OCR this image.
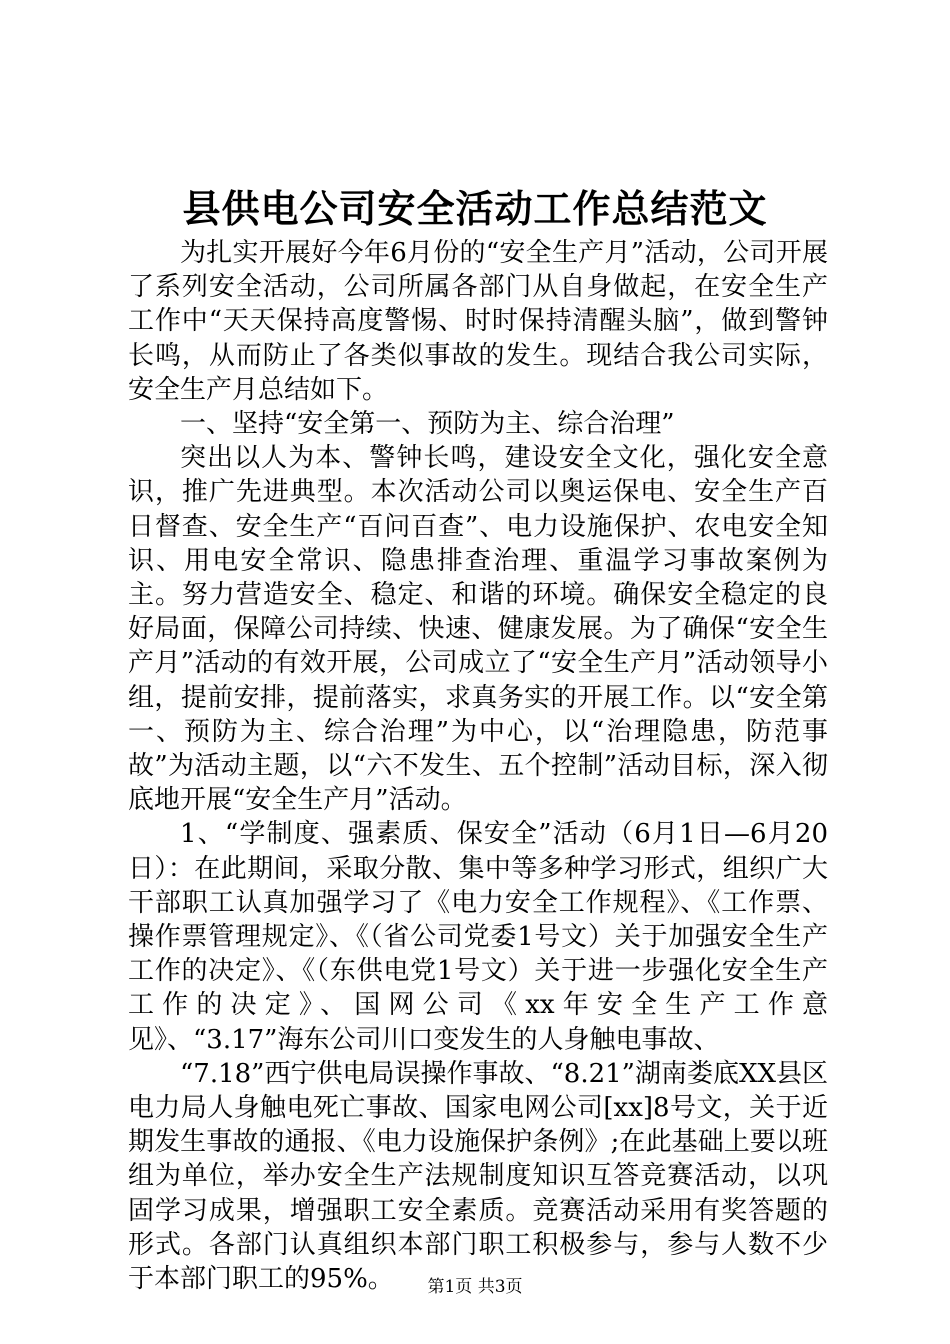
县供电公司安全活动工作总结范文

为扎实开展好今年6月份的“安全生产月”活动，公司开展了系列安全活动，公司所属各部门从自身做起，在安全生产工作中“天天保持高度警惕、时时保持清醒头脑”，做到警钟长鸣，从而防止了各类似事故的发生。现结合我公司实际，安全生产月总结如下。

一、坚持“安全第一、预防为主、综合治理”

突出以人为本、警钟长鸣，建设安全文化，强化安全意识，推广先进典型。本次活动公司以奥运保电、安全生产百日督查、安全生产“百问百查”、电力设施保护、农电安全知识、用电安全常识、隐患排查治理、重温学习事故案例为主。努力营造安全、稳定、和谐的环境。确保安全稳定的良好局面，保障公司持续、快速、健康发展。为了确保“安全生产月”活动的有效开展，公司成立了“安全生产月”活动领导小组，提前安排，提前落实，求真务实的开展工作。以“安全第一、预防为主、综合治理”为中心，以“治理隐患，防范事故”为活动主题，以“六不发生、五个控制”活动目标，深入彻底地开展“安全生产月”活动。

1、“学制度、强素质、保安全”活动（6月1日—6月20日）：在此期间，采取分散、集中等多种学习形式，组织广大干部职工认真加强学习了《电力安全工作规程》、《工作票、操作票管理规定》、《（省公司党委1号文）关于加强安全生产工作的决定》、《（东供电党1号文）关于进一步强化安全生产工作的决定》、国网公司《xx年安全生产工作意见》、“3.17”海东公司川口变发生的人身触电事故、

“7.18”西宁供电局误操作事故、“8.21”湖南娄底XX县区电力局人身触电死亡事故、国家电网公司[xx]8号文，关于近期发生事故的通报、《电力设施保护条例》;在此基础上要以班组为单位，举办安全生产法规制度知识互答竞赛活动，以巩固学习成果，增强职工安全素质。竞赛活动采用有奖答题的形式。各部门认真组织本部门职工积极参与，参与人数不少于本部门职工的95%。	第1页 共3页
